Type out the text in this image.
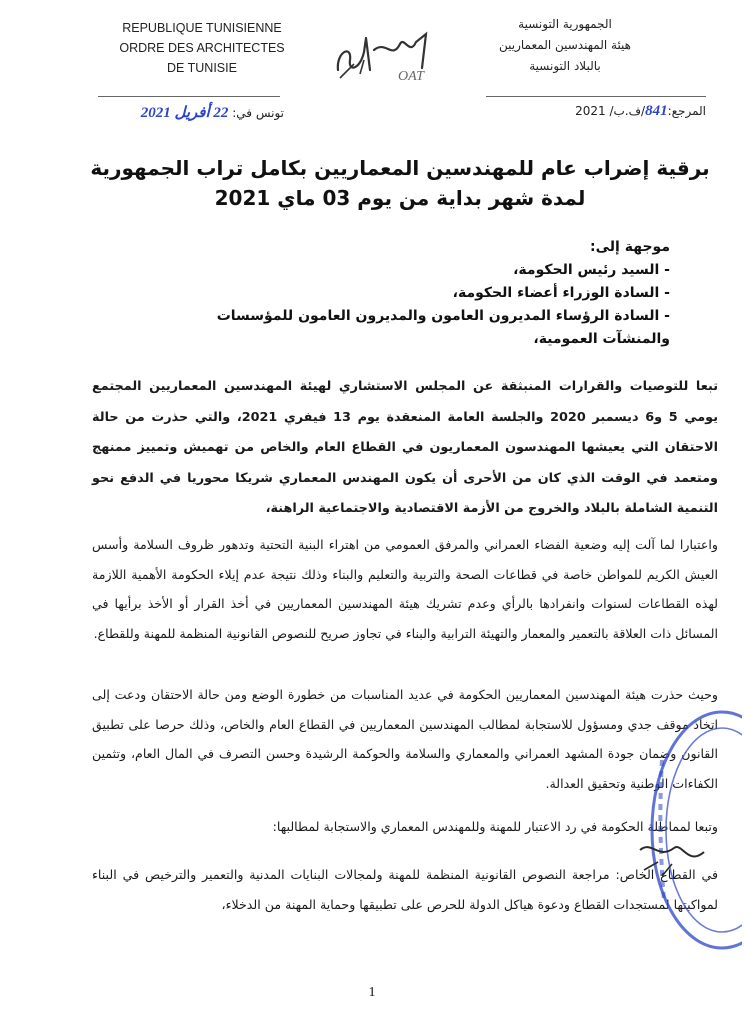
REPUBLIQUE TUNISIENNE
ORDRE DES ARCHITECTES
DE TUNISIE
الجمهورية التونسية
هيئة المهندسين المعماريين
بالبلاد التونسية
OAT
المرجع:841/ف.ب/ 2021
تونس في: 22 أفريل 2021
برقية إضراب عام للمهندسين المعماريين بكامل تراب الجمهورية
لمدة شهر بداية من يوم 03 ماي 2021
موجهة إلى:
- السيد رئيس الحكومة،
- السادة الوزراء أعضاء الحكومة،
- السادة الرؤساء المديرون العامون والمديرون العامون للمؤسسات والمنشآت العمومية،
تبعا للتوصيات والقرارات المنبثقة عن المجلس الاستشاري لهيئة المهندسين المعماريين المجتمع يومي 5 و6 ديسمبر 2020 والجلسة العامة المنعقدة يوم 13 فيفري 2021، والتي حذرت من حالة الاحتقان التي يعيشها المهندسون المعماريون في القطاع العام والخاص من تهميش وتمييز ممنهج ومتعمد في الوقت الذي كان من الأحرى أن يكون المهندس المعماري شريكا محوريا في الدفع نحو التنمية الشاملة بالبلاد والخروج من الأزمة الاقتصادية والاجتماعية الراهنة،
واعتبارا لما آلت إليه وضعية الفضاء العمراني والمرفق العمومي من اهتراء البنية التحتية وتدهور ظروف السلامة وأسس العيش الكريم للمواطن خاصة في قطاعات الصحة والتربية والتعليم والبناء وذلك نتيجة عدم إيلاء الحكومة الأهمية اللازمة لهذه القطاعات لسنوات وانفرادها بالرأي وعدم تشريك هيئة المهندسين المعماريين في أخذ القرار أو الأخذ برأيها في المسائل ذات العلاقة بالتعمير والمعمار والتهيئة الترابية والبناء في تجاوز صريح للنصوص القانونية المنظمة للمهنة وللقطاع.
وحيث حذرت هيئة المهندسين المعماريين الحكومة في عديد المناسبات من خطورة الوضع ومن حالة الاحتقان ودعت إلى اتخاذ موقف جدي ومسؤول للاستجابة لمطالب المهندسين المعماريين في القطاع العام والخاص، وذلك حرصا على تطبيق القانون وضمان جودة المشهد العمراني والمعماري والسلامة والحوكمة الرشيدة وحسن التصرف في المال العام، وتثمين الكفاءات الوطنية وتحقيق العدالة.
وتبعا لمماطلة الحكومة في رد الاعتبار للمهنة وللمهندس المعماري والاستجابة لمطالبها:
في القطاع الخاص: مراجعة النصوص القانونية المنظمة للمهنة ولمجالات البنايات المدنية والتعمير والترخيص في البناء لمواكبتها لمستجدات القطاع ودعوة هياكل الدولة للحرص على تطبيقها وحماية المهنة من الدخلاء،
1
